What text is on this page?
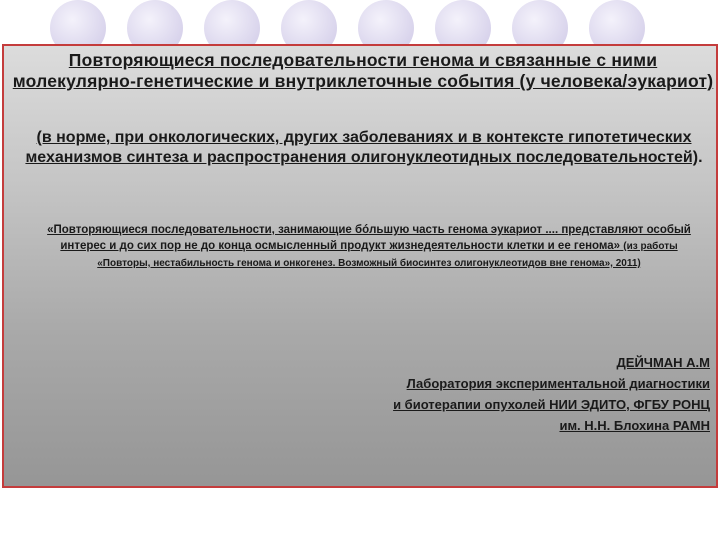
Повторяющиеся последовательности генома и связанные с ними молекулярно-генетические и внутриклеточные события (у человека/эукариот)

(в норме, при онкологических, других заболеваниях и в контексте гипотетических механизмов синтеза и распространения олигонуклеотидных последовательностей).

«Повторяющиеся последовательности, занимающие бóльшую часть генома эукариот .... представляют особый интерес и до сих пор не до конца осмысленный продукт жизнедеятельности клетки и ее генома» (из работы «Повторы, нестабильность генома и онкогенез. Возможный биосинтез олигонуклеотидов вне генома», 2011)

ДЕЙЧМАН А.М
Лаборатория экспериментальной диагностики
и биотерапии опухолей НИИ ЭДИТО, ФГБУ РОНЦ
им. Н.Н. Блохина РАМН
